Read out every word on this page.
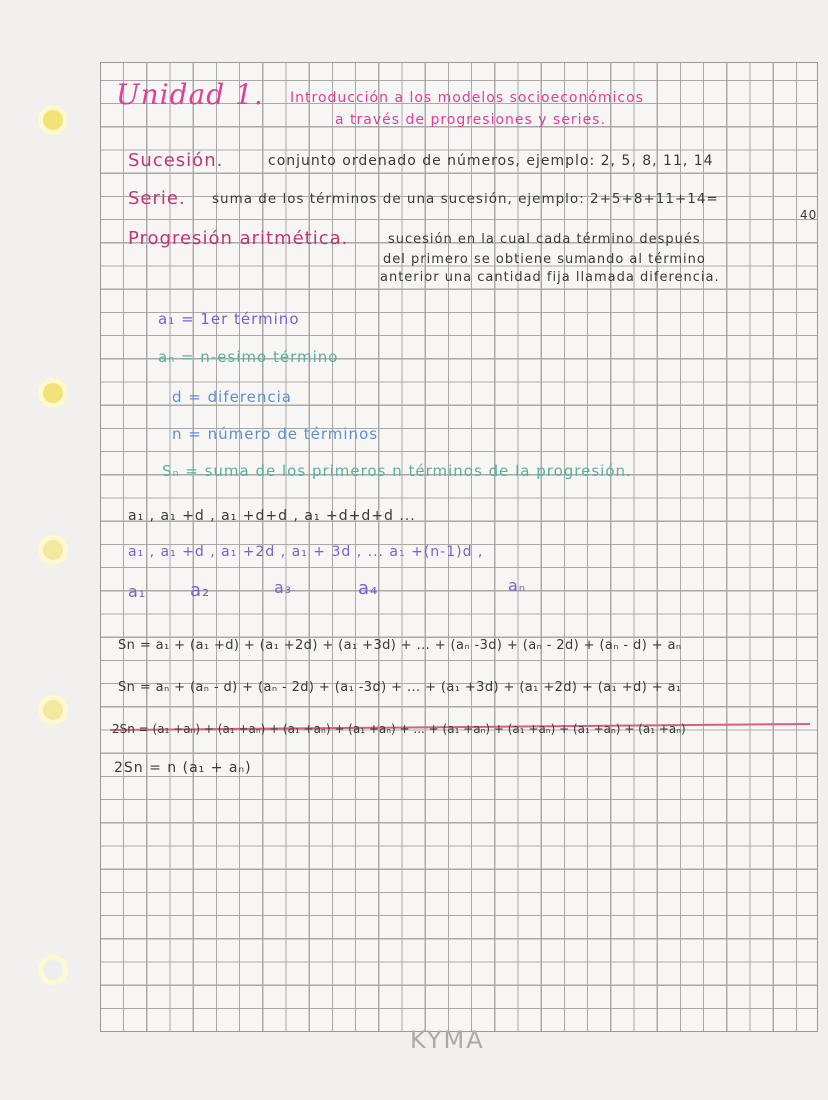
Unidad 1. Introducción a los modelos socioeconómicos
a través de progresiones y series.
Sucesión.	conjunto ordenado de números, ejemplo: 2, 5, 8, 11, 14
Serie. suma de los términos de una sucesión, ejemplo: 2+5+8+11+14=
40
Progresión aritmética.	sucesión en la cual cada término después
del primero se obtiene sumando al término
anterior una cantidad fija llamada diferencia.
a₁ = 1er término
aₙ = n-esimo término
d = diferencia
n = número de términos
Sₙ = suma de los primeros n términos de la progresión.
a₁ , a₁ +d , a₁ +d+d , a₁ +d+d+d ...
a₁ , a₁ +d , a₁ +2d , a₁ + 3d , ... a₁ +(n-1)d ,
a₁ a₂	a₃	a₄	aₙ
Sn = a₁ + (a₁ +d) + (a₁ +2d) + (a₁ +3d) + ... + (aₙ -3d) + (aₙ - 2d) + (aₙ - d) + aₙ
Sn = aₙ + (aₙ - d) + (aₙ - 2d) + (a₁ -3d) + ... + (a₁ +3d) + (a₁ +2d) + (a₁ +d) + a₁
2Sn = (a₁ +aₙ) + (a₁ +aₙ) + (a₁ +aₙ) + (a₁ +aₙ) + ... + (a₁ +aₙ) + (a₁ +aₙ) + (a₁ +aₙ) + (a₁ +aₙ)
2Sn = n (a₁ + aₙ)
KYMA
